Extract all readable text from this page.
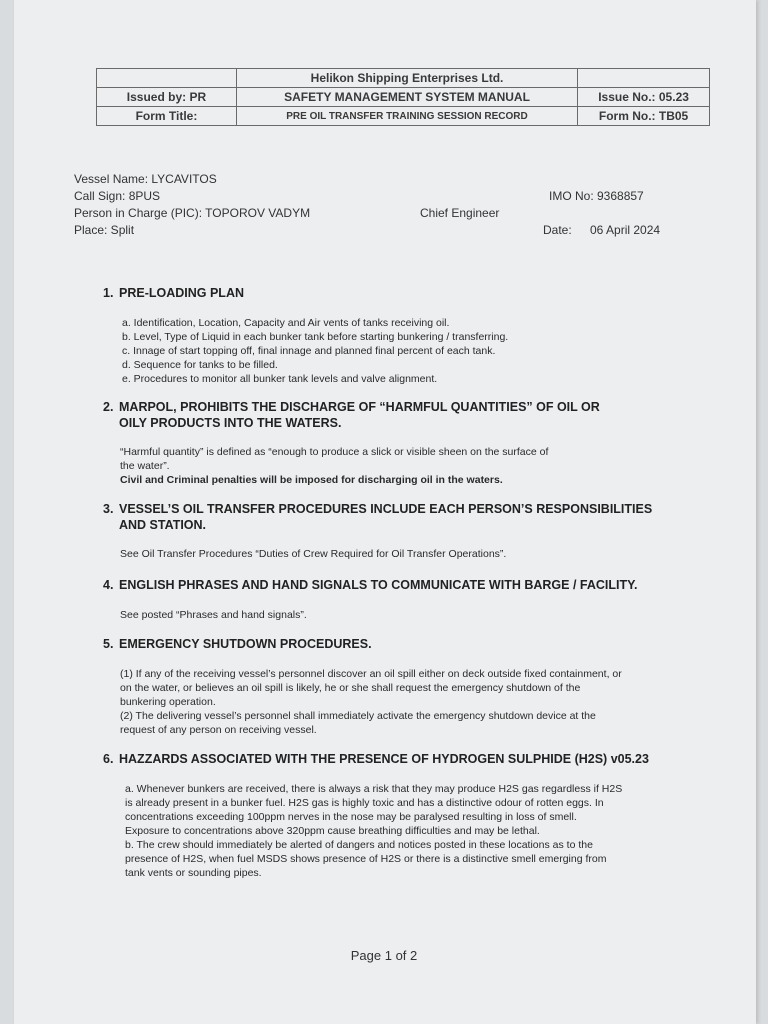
	Helikon Shipping Enterprises Ltd.	
Issued by: PR	SAFETY MANAGEMENT SYSTEM MANUAL	Issue No.: 05.23
Form Title:	PRE OIL TRANSFER TRAINING SESSION RECORD	Form No.: TB05
Vessel Name: LYCAVITOS
Call Sign: 8PUS	IMO No: 9368857
Person in Charge (PIC): TOPOROV VADYM	Chief Engineer
Place: Split	Date: 06 April 2024
1. PRE-LOADING PLAN

a. Identification, Location, Capacity and Air vents of tanks receiving oil.

b. Level, Type of Liquid in each bunker tank before starting bunkering / transferring.

c. Innage of start topping off, final innage and planned final percent of each tank.

d. Sequence for tanks to be filled.

e. Procedures to monitor all bunker tank levels and valve alignment.

2. MARPOL, PROHIBITS THE DISCHARGE OF “HARMFUL QUANTITIES” OF OIL OR
OILY PRODUCTS INTO THE WATERS.

“Harmful quantity” is defined as “enough to produce a slick or visible sheen on the surface of

the water”.

Civil and Criminal penalties will be imposed for discharging oil in the waters.

3. VESSEL’S OIL TRANSFER PROCEDURES INCLUDE EACH PERSON’S RESPONSIBILITIES
AND STATION.

See Oil Transfer Procedures “Duties of Crew Required for Oil Transfer Operations”.

4. ENGLISH PHRASES AND HAND SIGNALS TO COMMUNICATE WITH BARGE / FACILITY.

See posted “Phrases and hand signals”.

5. EMERGENCY SHUTDOWN PROCEDURES.

(1) If any of the receiving vessel’s personnel discover an oil spill either on deck outside fixed containment, or

on the water, or believes an oil spill is likely, he or she shall request the emergency shutdown of the

bunkering operation.

(2) The delivering vessel’s personnel shall immediately activate the emergency shutdown device at the

request of any person on receiving vessel.

6. HAZZARDS ASSOCIATED WITH THE PRESENCE OF HYDROGEN SULPHIDE (H2S) v05.23

a. Whenever bunkers are received, there is always a risk that they may produce H2S gas regardless if H2S

is already present in a bunker fuel. H2S gas is highly toxic and has a distinctive odour of rotten eggs. In

concentrations exceeding 100ppm nerves in the nose may be paralysed resulting in loss of smell.

Exposure to concentrations above 320ppm cause breathing difficulties and may be lethal.

b. The crew should immediately be alerted of dangers and notices posted in these locations as to the

presence of H2S, when fuel MSDS shows presence of H2S or there is a distinctive smell emerging from

tank vents or sounding pipes.

Page 1 of 2
